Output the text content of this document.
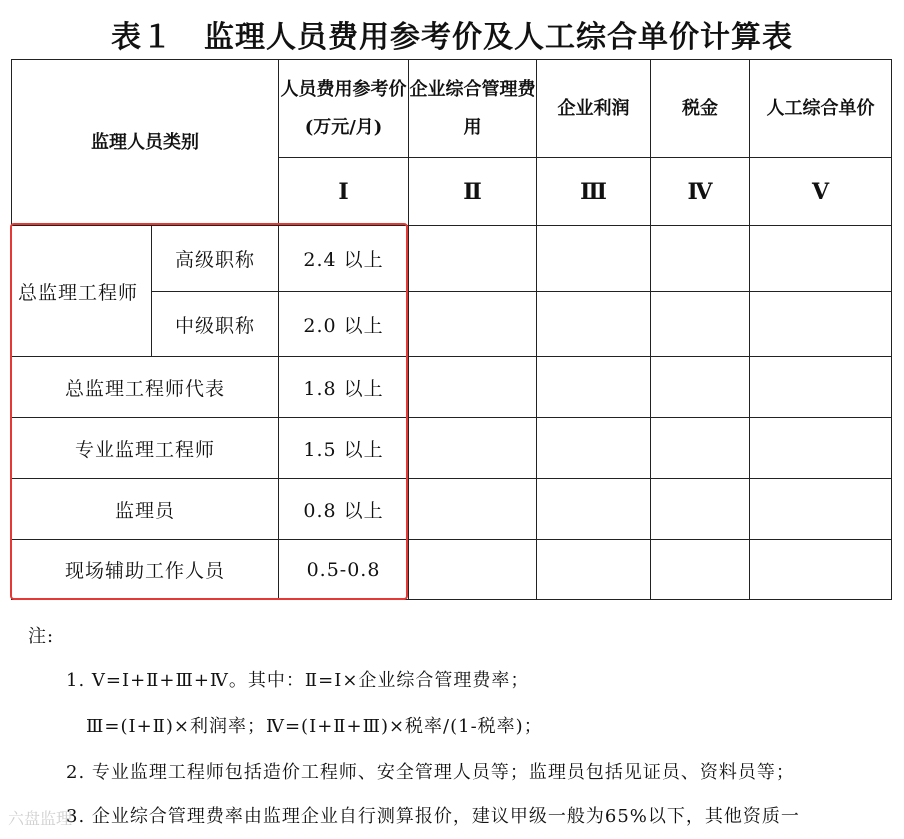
表１　监理人员费用参考价及人工综合单价计算表
监理人员类别		人员费用参考价(万元/月)	企业综合管理费用	企业利润	税金	人工综合单价
		Ⅰ	Ⅱ	Ⅲ	Ⅳ	Ⅴ
总监理工程师	高级职称	2.4 以上				
	中级职称	2.0 以上				
总监理工程师代表		1.8 以上				
专业监理工程师		1.5 以上				
监理员		0.8 以上				
现场辅助工作人员		0.5-0.8				
注:
1. Ⅴ=Ⅰ+Ⅱ+Ⅲ+Ⅳ。其中：Ⅱ=Ⅰ×企业综合管理费率；
Ⅲ=(Ⅰ+Ⅱ)×利润率；Ⅳ=(Ⅰ+Ⅱ+Ⅲ)×税率/(1-税率)；
2. 专业监理工程师包括造价工程师、安全管理人员等；监理员包括见证员、资料员等；
3. 企业综合管理费率由监理企业自行测算报价，建议甲级一般为65%以下，其他资质一
六盘监理
